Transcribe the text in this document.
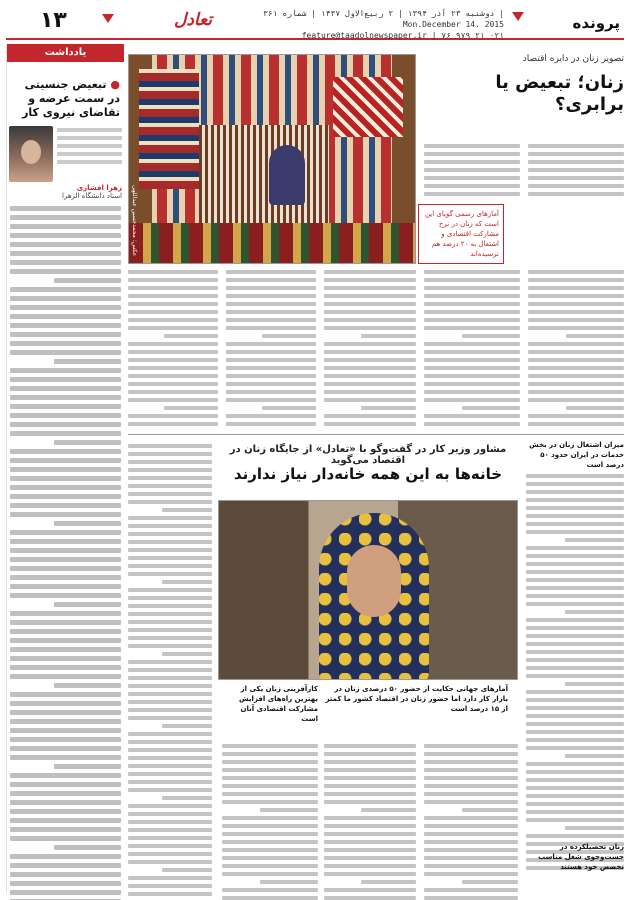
پرونده
دوشنبه ۲۳ آذر ۱۳۹۴ | ۲ ربیع‌الاول ۱۴۳۷ | شماره ۳۶۱ | Mon.December 14. 2015
feature@taadolnewspaper.ir | ۷۶ ۹۷۹ ۲۱ ۰۲۱
تعادل
۱۳
یادداشت
● تبعیض جنسیتی در سمت عرضه و تقاضای نیروی کار
زهرا افشاری
استاد دانشگاه الزهرا
تصویر زنان در دایره اقتصاد
زنان؛ تبعیض یا برابری؟
عکس: محمدحسین عبداللهی	آمار‌های رسمی گویای این است که زنان در نرخ مشارکت اقتصادی و اشتغال به ۲۰ درصد هم نرسیده‌اند
مشاور وزیر کار در گفت‌وگو با «تعادل» از جایگاه زنان در اقتصاد می‌گوید
خانه‌ها به این همه خانه‌دار نیاز ندارند
میزان اشتغال زنان در بخش خدمات در ایران حدود ۵۰ درصد است
آمار‌های جهانی حکایت از حضور ۵۰ درصدی زنان در بازار کار دارد اما حضور زنان در اقتصاد کشور ما کمتر از ۱۵ درصد است
کارآفرینی زنان یکی از بهترین راه‌های افزایش مشارکت اقتصادی آنان است
زنان تحصیلکرده در جست‌وجوی شغل مناسب تخصص خود هستند
